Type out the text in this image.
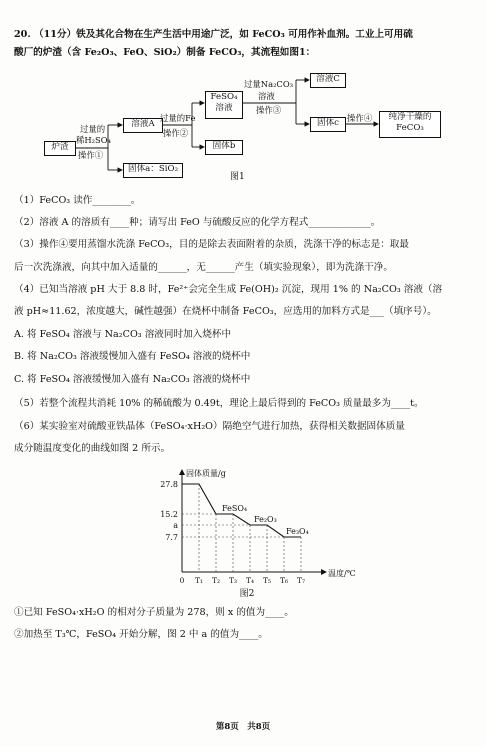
20. （11分）铁及其化合物在生产生活中用途广泛，如 FeCO₃ 可用作补血剂。工业上可用硫
酸厂的炉渣（含 Fe₂O₃、FeO、SiO₂）制备 FeCO₃，其流程如图1：
炉渣
溶液A
固体a：SiO₂
FeSO₄
溶液
固体b
溶液C
固体c
纯净干燥的
FeCO₃
过量的
稀H₂SO₄
操作①
过量的Fe
操作②
过量Na₂CO₃
溶液
操作③
操作④
图1
（1）FeCO₃ 读作________。
（2）溶液 A 的溶质有____种；请写出 FeO 与硫酸反应的化学方程式_____________。
（3）操作④要用蒸馏水洗涤 FeCO₃，目的是除去表面附着的杂质，洗涤干净的标志是：取最
后一次洗涤液，向其中加入适量的______，无______产生（填实验现象），即为洗涤干净。
（4）已知当溶液 pH 大于 8.8 时，Fe²⁺会完全生成 Fe(OH)₂ 沉淀，现用 1% 的 Na₂CO₃ 溶液（溶
液 pH≈11.62，浓度越大，碱性越强）在烧杯中制备 FeCO₃，应选用的加料方式是___（填序号）。
A. 将 FeSO₄ 溶液与 Na₂CO₃ 溶液同时加入烧杯中
B. 将 Na₂CO₃ 溶液缓慢加入盛有 FeSO₄ 溶液的烧杯中
C. 将 FeSO₄ 溶液缓慢加入盛有 Na₂CO₃ 溶液的烧杯中
（5）若整个流程共消耗 10% 的稀硫酸为 0.49t，理论上最后得到的 FeCO₃ 质量最多为____t。
（6）某实验室对硫酸亚铁晶体（FeSO₄·xH₂O）隔绝空气进行加热，获得相关数据固体质量
成分随温度变化的曲线如图 2 所示。
固体质量/g
温度/℃
27.8
15.2
a
7.7
0 T₁ T₂ T₃ T₄ T₅ T₆ T₇
FeSO₄
Fe₂O₃
Fe₃O₄
图2
①已知 FeSO₄·xH₂O 的相对分子质量为 278，则 x 的值为____。
②加热至 T₃℃，FeSO₄ 开始分解，图 2 中 a 的值为____。
第8页　共8页
